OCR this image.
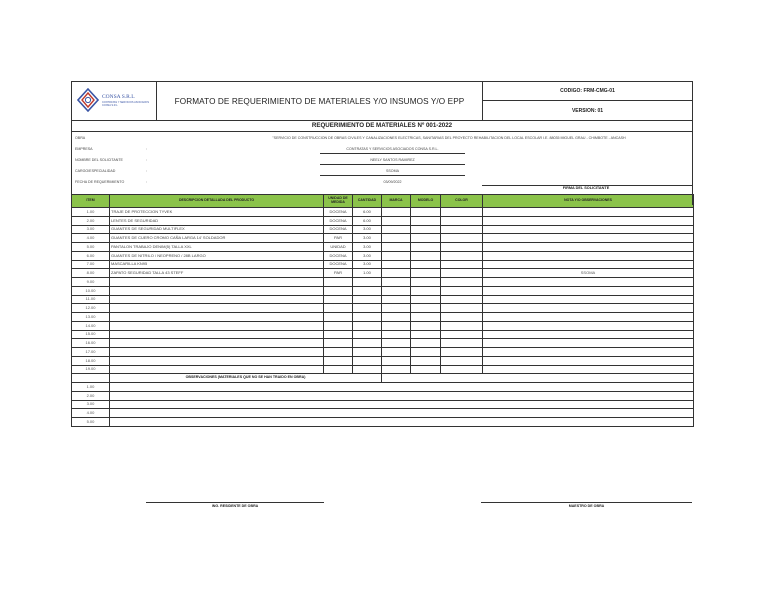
CONSA S.R.L
CONTRATAS Y SERVICIOS ASOCIADOS CONSA S.R.L	FORMATO DE REQUERIMIENTO DE MATERIALES Y/O INSUMOS Y/O EPP
CODIGO: FRM-CMG-01
VERSION: 01
REQUERIMIENTO DE MATERIALES Nº 001-2022
OBRA	"SERVICIO DE CONSTRUCCION DE OBRAS CIVILES Y CANALIZACIONES ELECTRICAS, SANITARIAS DEL PROYECTO REHABILITACION DEL LOCAL ESCOLAR I.E. 88035 MIGUEL GRAU - CHIMBOTE - ANCASH
EMPRESA	:	CONTRATAS Y SERVICIOS ASOCIADOS CONSA S.R.L.
NOMBRE DEL SOLICITANTE	:	NEELY SANTOS RAMIREZ
CARGO/ESPECIALIDAD	:	SSOMA
FECHA DE REQUERIMIENTO	:	03/09/2022
FIRMA DEL SOLICITANTE
ITEM	DESCRIPCION DETALLADA DEL PRODUCTO	UNIDAD DE MEDIDA	CANTIDAD	MARCA	MODELO	COLOR	NOTA Y/O OBSERVACIONES
1.00	TRAJE DE PROTECCION TYVEK	DOCENA	6.00				
2.00	LENTES DE SEGURIDAD	DOCENA	6.00				
3.00	GUANTES DE SEGURIDAD MULTIFLEX	DOCENA	3.00				
4.00	GUANTES DE CUERO CROMO CAÑA LARGA 14' SOLDADOR	PAR	3.00				
5.00	PANTALON TRABAJO DENIM(5) TALLA XXL	UNIDAD	3.00				
6.00	GUANTES DE NITRILO / NEOPRENO / 28B LARGO	DOCENA	3.00				
7.00	MASCARILLA KN95	DOCENA	3.00				
8.00	ZAPATO SEGURIDAD TALLA 43 STEFF	PAR	1.00				SSOMA
9.00							
10.00							
11.00							
12.00							
13.00							
14.00							
15.00							
16.00							
17.00							
18.00							
19.00							
	OBSERVACIONES (MATERIALES QUE NO SE HAN TRAIDO EN OBRA)						
1.00							
2.00							
3.00							
4.00							
5.00							
ING. RESIDENTE DE OBRA	MAESTRO DE OBRA
